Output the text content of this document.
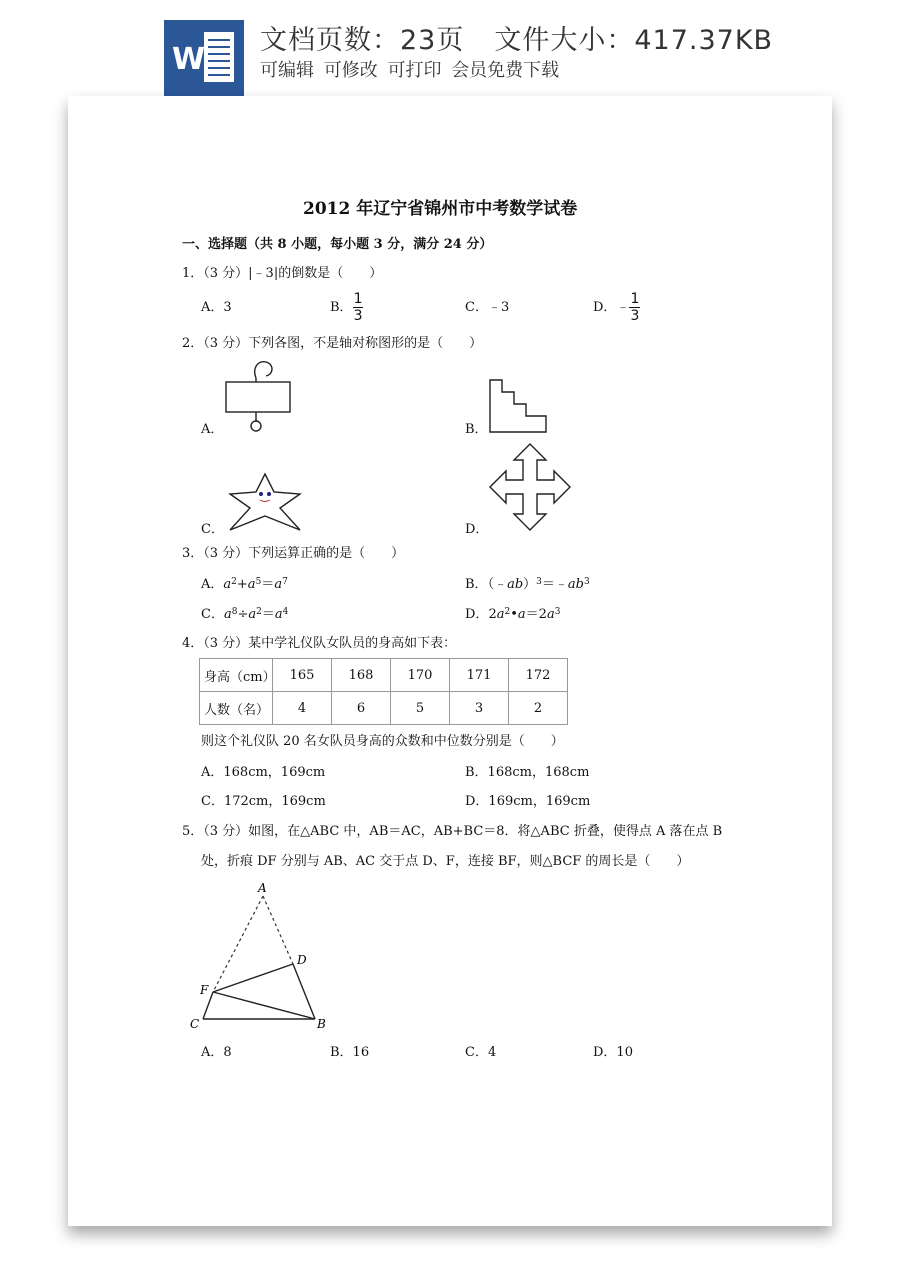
W
文档页数：23页 文件大小：417.37KB
可编辑 可修改 可打印 会员免费下载
2012 年辽宁省锦州市中考数学试卷
一、选择题（共 8 小题，每小题 3 分，满分 24 分）
1．（3 分）|﹣3|的倒数是（　　）
A．3	B． $\frac{1}{3}$	C．﹣3	D．﹣ $\frac{1}{3}$
2．（3 分）下列各图，不是轴对称图形的是（　　）
A．	B．
C．	D．
3．（3 分）下列运算正确的是（　　）
A．$a^2+a^5=a^7$	B．$(﹣ab)^3=﹣ab^3$
C．$a^8\div a^2=a^4$	D．$2a^2•a=2a^3$
4．（3 分）某中学礼仪队女队员的身高如下表：
身高（cm）	165	168	170	171	172
人数（名）	4	6	5	3	2
则这个礼仪队 20 名女队员身高的众数和中位数分别是（　　）
A．168cm，169cm	B．168cm，168cm
C．172cm，169cm	D．169cm，169cm
5．（3 分）如图，在△ABC 中，AB＝AC，AB+BC＝8．将△ABC 折叠，使得点 A 落在点 B
处，折痕 DF 分别与 AB、AC 交于点 D、F，连接 BF，则△BCF 的周长是（　　）
A
D
F
C	B
A．8	B．16	C．4	D．10
